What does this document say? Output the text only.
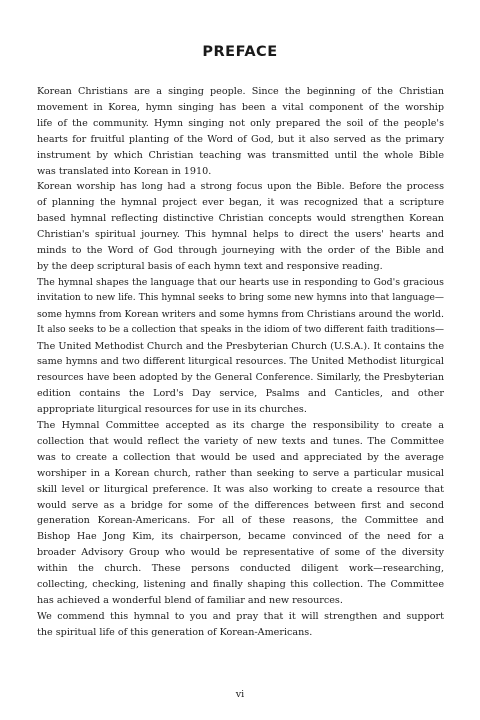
PREFACE
Korean Christians are a singing people. Since the beginning of the Christian
movement in Korea, hymn singing has been a vital component of the worship
life of the community. Hymn singing not only prepared the soil of the people's
hearts for fruitful planting of the Word of God, but it also served as the primary
instrument by which Christian teaching was transmitted until the whole Bible
was translated into Korean in 1910.
Korean worship has long had a strong focus upon the Bible. Before the process
of planning the hymnal project ever began, it was recognized that a scripture
based hymnal reflecting distinctive Christian concepts would strengthen Korean
Christian's spiritual journey. This hymnal helps to direct the users' hearts and
minds to the Word of God through journeying with the order of the Bible and
by the deep scriptural basis of each hymn text and responsive reading.
The hymnal shapes the language that our hearts use in responding to God's gracious
invitation to new life. This hymnal seeks to bring some new hymns into that language—
some hymns from Korean writers and some hymns from Christians around the world.
It also seeks to be a collection that speaks in the idiom of two different faith traditions—
The United Methodist Church and the Presbyterian Church (U.S.A.). It contains the
same hymns and two different liturgical resources. The United Methodist liturgical
resources have been adopted by the General Conference. Similarly, the Presbyterian
edition contains the Lord's Day service, Psalms and Canticles, and other
appropriate liturgical resources for use in its churches.
The Hymnal Committee accepted as its charge the responsibility to create a
collection that would reflect the variety of new texts and tunes. The Committee
was to create a collection that would be used and appreciated by the average
worshiper in a Korean church, rather than seeking to serve a particular musical
skill level or liturgical preference. It was also working to create a resource that
would serve as a bridge for some of the differences between first and second
generation Korean-Americans. For all of these reasons, the Committee and
Bishop Hae Jong Kim, its chairperson, became convinced of the need for a
broader Advisory Group who would be representative of some of the diversity
within the church. These persons conducted diligent work—researching,
collecting, checking, listening and finally shaping this collection. The Committee
has achieved a wonderful blend of familiar and new resources.
We commend this hymnal to you and pray that it will strengthen and support
the spiritual life of this generation of Korean-Americans.
vi
